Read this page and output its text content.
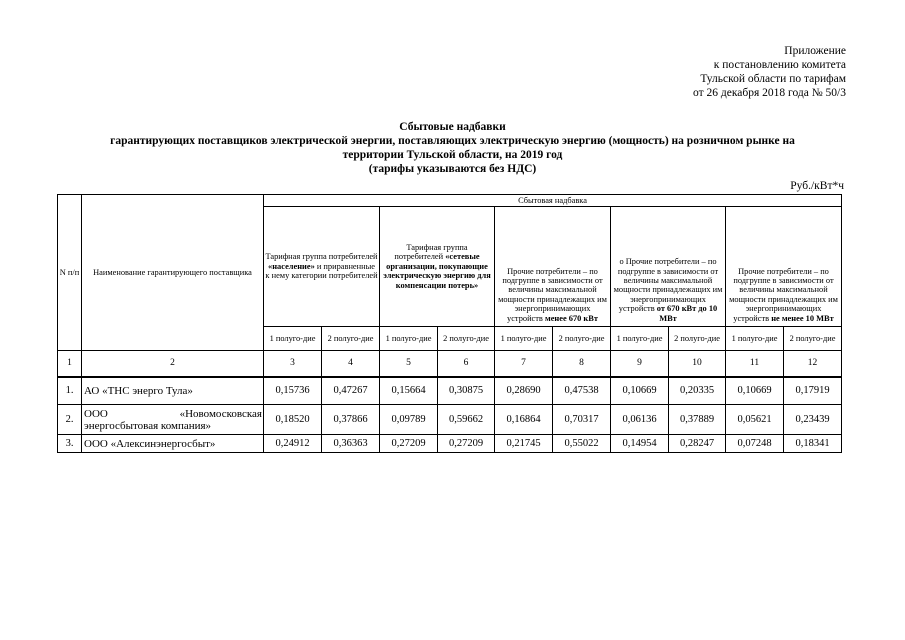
Приложение
к постановлению комитета
Тульской области по тарифам
от 26 декабря 2018 года № 50/3
Сбытовые надбавки
гарантирующих поставщиков электрической энергии, поставляющих электрическую энергию (мощность) на розничном рынке на
территории Тульской области, на 2019 год
(тарифы указываются без НДС)
Руб./кВт*ч
N п/п	Наименование гарантирующего поставщика	Сбытовая надбавка									
		Тарифная группа потребителей «население» и приравненные к нему категории потребителей		Тарифная группа потребителей «сетевые организации, покупающие электрическую энергию для компенсации потерь»		Прочие потребители – по подгруппе в зависимости от величины максимальной мощности принадлежащих им энергопринимающих устройств менее 670 кВт		о Прочие потребители – по подгруппе в зависимости от величины максимальной мощности принадлежащих им энергопринимающих устройств от 670 кВт до 10 МВт		Прочие потребители – по подгруппе в зависимости от величины максимальной мощности принадлежащих им энергопринимающих устройств не менее 10 МВт	
		1 полуго-дие	2 полуго-дие	1 полуго-дие	2 полуго-дие	1 полуго-дие	2 полуго-дие	1 полуго-дие	2 полуго-дие	1 полуго-дие	2 полуго-дие
1	2	3	4	5	6	7	8	9	10	11	12
1.	АО «ТНС энерго Тула»	0,15736	0,47267	0,15664	0,30875	0,28690	0,47538	0,10669	0,20335	0,10669	0,17919
2.	ООО «Новомосковская
энергосбытовая компания»	0,18520	0,37866	0,09789	0,59662	0,16864	0,70317	0,06136	0,37889	0,05621	0,23439
3.	ООО «Алексинэнергосбыт»	0,24912	0,36363	0,27209	0,27209	0,21745	0,55022	0,14954	0,28247	0,07248	0,18341
